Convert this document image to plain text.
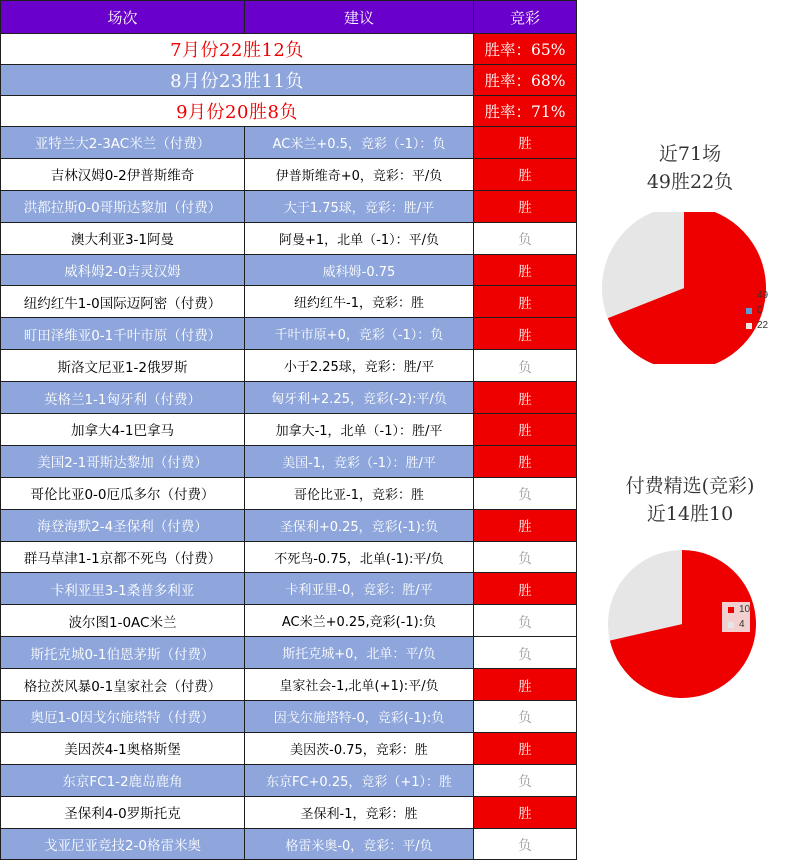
场次	建议	竞彩
7月份22胜12负		胜率：65%
8月份23胜11负		胜率：68%
9月份20胜8负		胜率：71%
亚特兰大2-3AC米兰（付费）	AC米兰+0.5，竞彩（-1）：负	胜
吉林汉姆0-2伊普斯维奇	伊普斯维奇+0，竞彩：平/负	胜
洪都拉斯0-0哥斯达黎加（付费）	大于1.75球，竞彩：胜/平	胜
澳大利亚3-1阿曼	阿曼+1，北单（-1）：平/负	负
威科姆2-0吉灵汉姆	威科姆-0.75	胜
纽约红牛1-0国际迈阿密（付费）	纽约红牛-1，竞彩：胜	胜
町田泽维亚0-1千叶市原（付费）	千叶市原+0，竞彩（-1）：负	胜
斯洛文尼亚1-2俄罗斯	小于2.25球，竞彩：胜/平	负
英格兰1-1匈牙利（付费）	匈牙利+2.25，竞彩(-2):平/负	胜
加拿大4-1巴拿马	加拿大-1，北单（-1）：胜/平	胜
美国2-1哥斯达黎加（付费）	美国-1，竞彩（-1）：胜/平	胜
哥伦比亚0-0厄瓜多尔（付费）	哥伦比亚-1，竞彩：胜	负
海登海默2-4圣保利（付费）	圣保利+0.25，竞彩(-1):负	胜
群马草津1-1京都不死鸟（付费）	不死鸟-0.75，北单(-1):平/负	负
卡利亚里3-1桑普多利亚	卡利亚里-0，竞彩：胜/平	胜
波尔图1-0AC米兰	AC米兰+0.25,竞彩(-1):负	负
斯托克城0-1伯恩茅斯（付费）	斯托克城+0，北单：平/负	负
格拉茨风暴0-1皇家社会（付费）	皇家社会-1,北单(+1):平/负	胜
奥厄1-0因戈尔施塔特（付费）	因戈尔施塔特-0，竞彩(-1):负	负
美因茨4-1奥格斯堡	美因茨-0.75，竞彩：胜	胜
东京FC1-2鹿岛鹿角	东京FC+0.25，竞彩（+1）：胜	负
圣保利4-0罗斯托克	圣保利-1，竞彩：胜	胜
戈亚尼亚竞技2-0格雷米奥	格雷米奥-0，竞彩：平/负	负
近71场
49胜22负
49
0
22
付费精选(竞彩)
近14胜10
10
4
